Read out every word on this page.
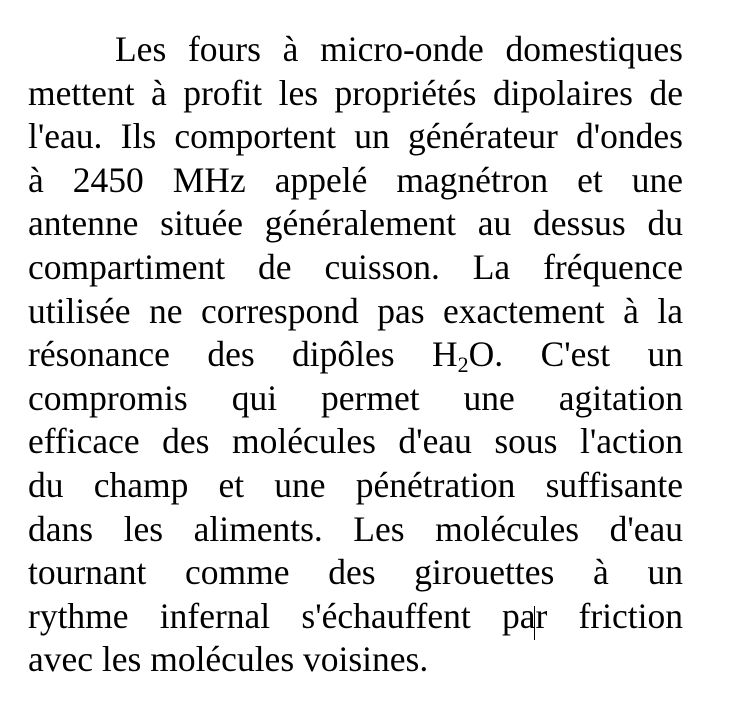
Les fours à micro-onde domestiques
mettent à profit les propriétés dipolaires de
l'eau. Ils comportent un générateur d'ondes
à 2450 MHz appelé magnétron et une
antenne située généralement au dessus du
compartiment de cuisson. La fréquence
utilisée ne correspond pas exactement à la
résonance des dipôles $H_2O$. C'est un
compromis qui permet une agitation
efficace des molécules d'eau sous l'action
du champ et une pénétration suffisante
dans les aliments. Les molécules d'eau
tournant comme des girouettes à un
rythme infernal s'échauffent par friction
avec les molécules voisines.
